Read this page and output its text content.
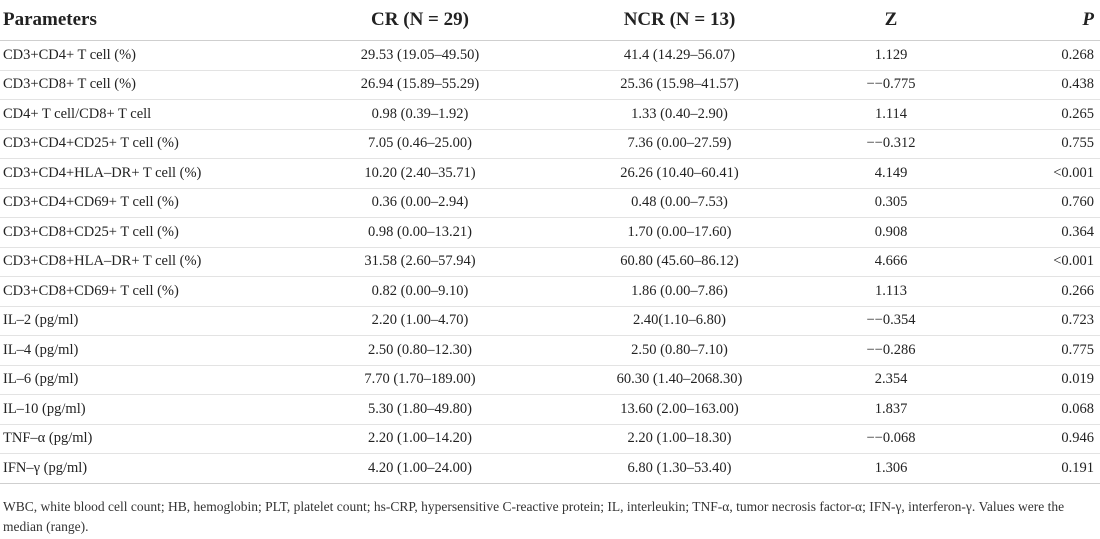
Parameters	CR (N = 29)	NCR (N = 13)	Z	P
CD3+CD4+ T cell (%)	29.53 (19.05–49.50)	41.4 (14.29–56.07)	1.129	0.268
CD3+CD8+ T cell (%)	26.94 (15.89–55.29)	25.36 (15.98–41.57)	−−0.775	0.438
CD4+ T cell/CD8+ T cell	0.98 (0.39–1.92)	1.33 (0.40–2.90)	1.114	0.265
CD3+CD4+CD25+ T cell (%)	7.05 (0.46–25.00)	7.36 (0.00–27.59)	−−0.312	0.755
CD3+CD4+HLA–DR+ T cell (%)	10.20 (2.40–35.71)	26.26 (10.40–60.41)	4.149	<0.001
CD3+CD4+CD69+ T cell (%)	0.36 (0.00–2.94)	0.48 (0.00–7.53)	0.305	0.760
CD3+CD8+CD25+ T cell (%)	0.98 (0.00–13.21)	1.70 (0.00–17.60)	0.908	0.364
CD3+CD8+HLA–DR+ T cell (%)	31.58 (2.60–57.94)	60.80 (45.60–86.12)	4.666	<0.001
CD3+CD8+CD69+ T cell (%)	0.82 (0.00–9.10)	1.86 (0.00–7.86)	1.113	0.266
IL–2 (pg/ml)	2.20 (1.00–4.70)	2.40(1.10–6.80)	−−0.354	0.723
IL–4 (pg/ml)	2.50 (0.80–12.30)	2.50 (0.80–7.10)	−−0.286	0.775
IL–6 (pg/ml)	7.70 (1.70–189.00)	60.30 (1.40–2068.30)	2.354	0.019
IL–10 (pg/ml)	5.30 (1.80–49.80)	13.60 (2.00–163.00)	1.837	0.068
TNF–α (pg/ml)	2.20 (1.00–14.20)	2.20 (1.00–18.30)	−−0.068	0.946
IFN–γ (pg/ml)	4.20 (1.00–24.00)	6.80 (1.30–53.40)	1.306	0.191
WBC, white blood cell count; HB, hemoglobin; PLT, platelet count; hs-CRP, hypersensitive C-reactive protein; IL, interleukin; TNF-α, tumor necrosis factor-α; IFN-γ, interferon-γ. Values were the median (range).
